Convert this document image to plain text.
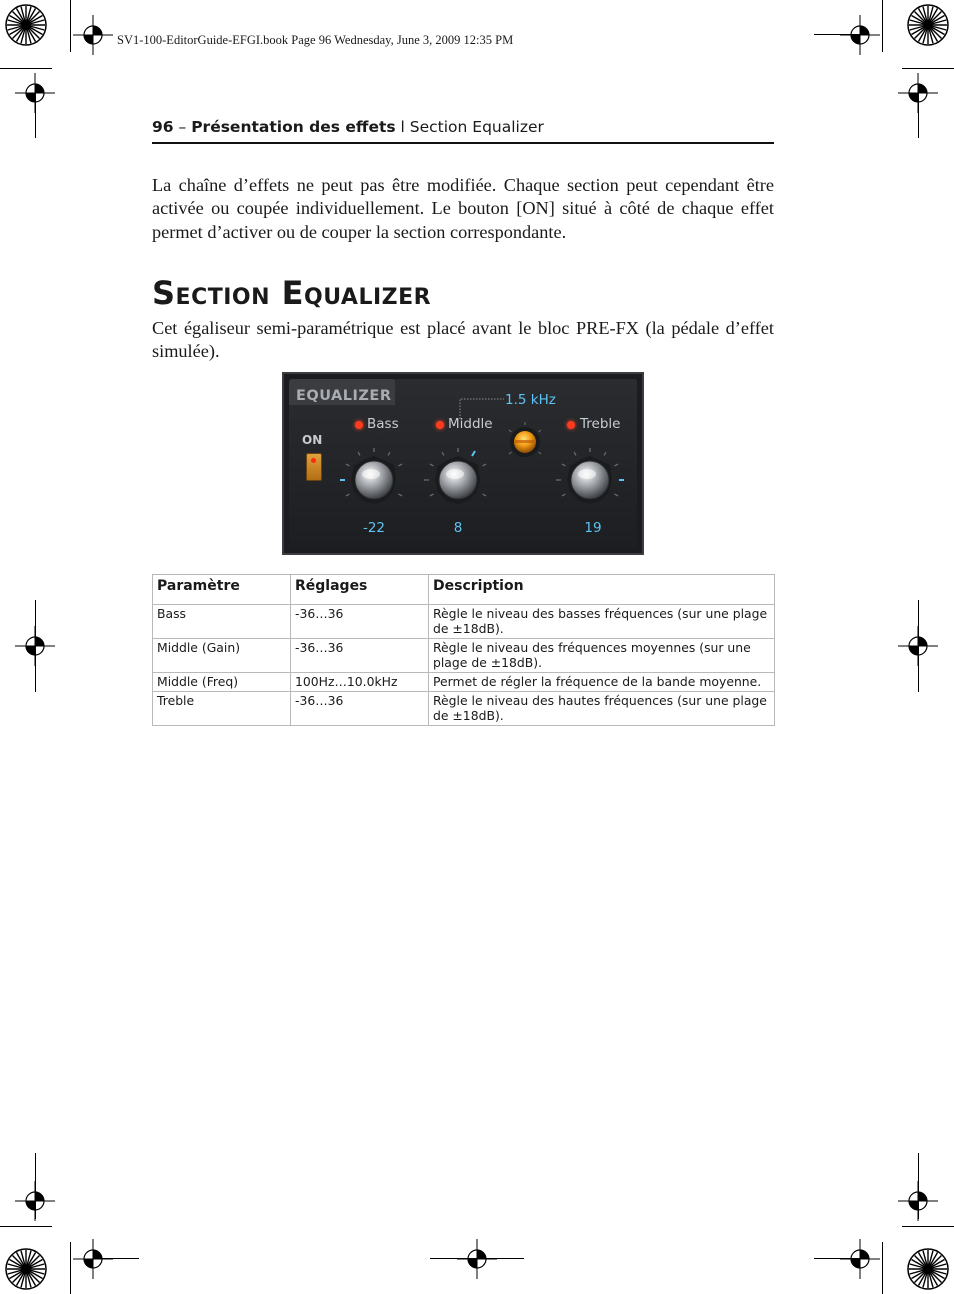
SV1-100-EditorGuide-EFGI.book Page 96 Wednesday, June 3, 2009 12:35 PM
96 – Présentation des effets l Section Equalizer

La chaîne d’effets ne peut pas être modifiée. Chaque section peut cependant être activée ou coupée individuellement. Le bouton [ON] situé à côté de chaque effet permet d’activer ou de couper la section correspondante.

Section Equalizer

Cet égaliseur semi-paramétrique est placé avant le bloc PRE-FX (la pédale d’effet simulée).

EQUALIZER
ON
Bass	Middle	Treble
1.5 kHz
-22	8	19
Paramètre	Réglages	Description
Bass	-36…36	Règle le niveau des basses fréquences (sur une plage de ±18dB).
Middle (Gain)	-36…36	Règle le niveau des fréquences moyennes (sur une plage de ±18dB).
Middle (Freq)	100Hz…10.0kHz	Permet de régler la fréquence de la bande moyenne.
Treble	-36…36	Règle le niveau des hautes fréquences (sur une plage de ±18dB).
